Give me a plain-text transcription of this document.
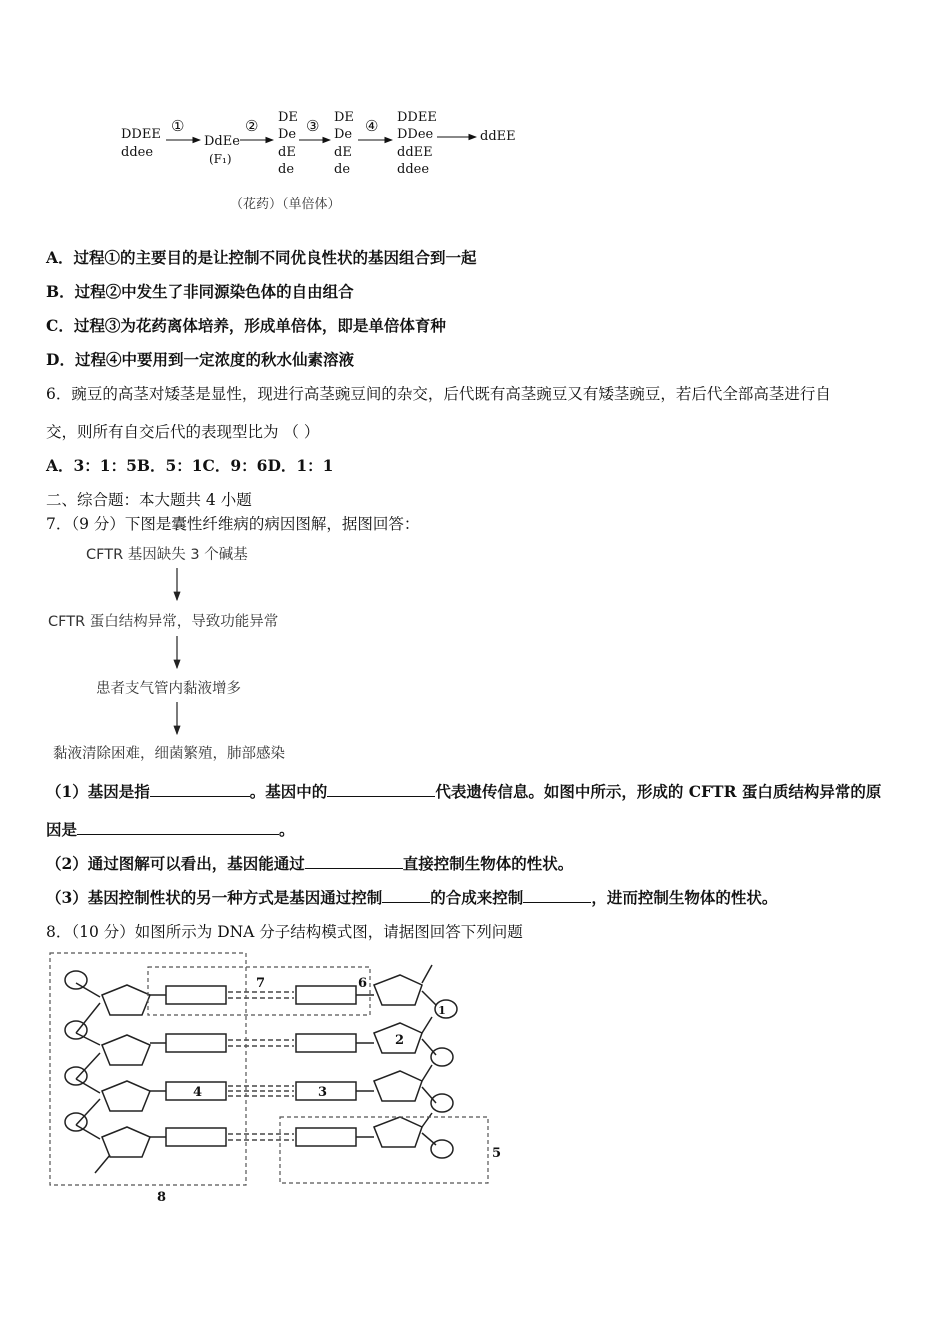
DDEE
ddee
①
DdEe
(F₁)
② DE
De
dE
de
③ DE
De
dE
de
④ DDEE
DDee
ddEE
ddee
ddEE
（花药）（单倍体）
A．过程①的主要目的是让控制不同优良性状的基因组合到一起
B．过程②中发生了非同源染色体的自由组合
C．过程③为花药离体培养，形成单倍体，即是单倍体育种
D．过程④中要用到一定浓度的秋水仙素溶液
6．豌豆的高茎对矮茎是显性，现进行高茎豌豆间的杂交，后代既有高茎豌豆又有矮茎豌豆，若后代全部高茎进行自
交，则所有自交后代的表现型比为 （ ）
A．3：1：5B．5：1C．9：6D．1：1
二、综合题：本大题共 4 小题
7．（9 分）下图是囊性纤维病的病因图解，据图回答：
CFTR 基因缺失 3 个碱基
CFTR 蛋白结构异常，导致功能异常
患者支气管内黏液增多
黏液清除困难，细菌繁殖，肺部感染
（1）基因是指	。基因中的	代表遗传信息。如图中所示，形成的 CFTR 蛋白质结构异常的原
因是	。
（2）通过图解可以看出，基因能通过	直接控制生物体的性状。
（3）基因控制性状的另一种方式是基因通过控制	的合成来控制	，进而控制生物体的性状。
8．（10 分）如图所示为 DNA 分子结构模式图，请据图回答下列问题
7	6
1
2
3
4
5
8
